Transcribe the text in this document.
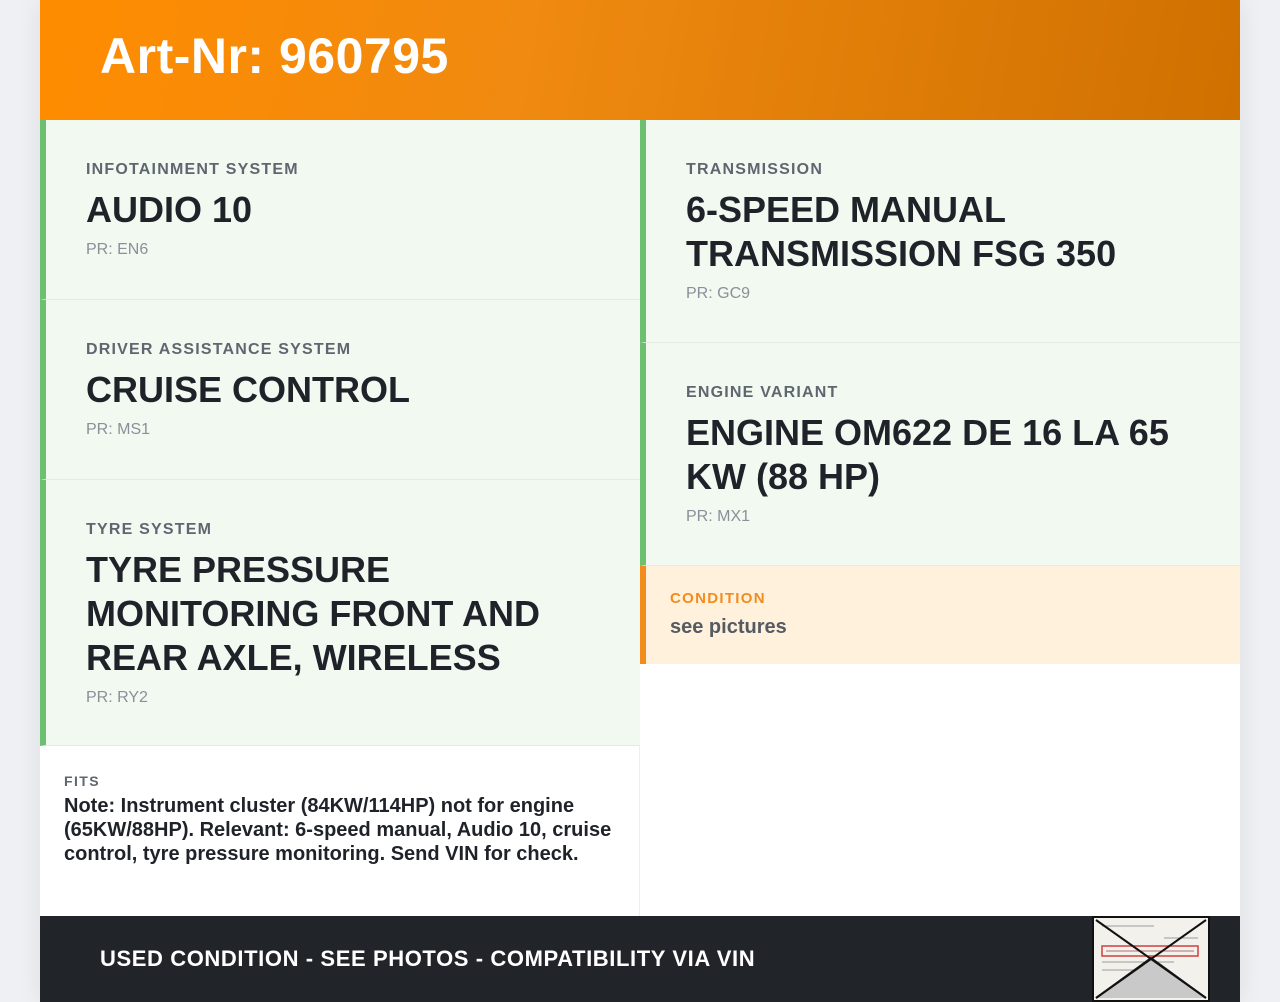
Art-Nr: 960795
INFOTAINMENT SYSTEM
AUDIO 10
PR: EN6
DRIVER ASSISTANCE SYSTEM
CRUISE CONTROL
PR: MS1
TYRE SYSTEM
TYRE PRESSURE MONITORING FRONT AND REAR AXLE, WIRELESS
PR: RY2
TRANSMISSION
6-SPEED MANUAL TRANSMISSION FSG 350
PR: GC9
ENGINE VARIANT
ENGINE OM622 DE 16 LA 65 KW (88 HP)
PR: MX1
CONDITION
see pictures
FITS
Note: Instrument cluster (84KW/114HP) not for engine (65KW/88HP). Relevant: 6-speed manual, Audio 10, cruise control, tyre pressure monitoring. Send VIN for check.
USED CONDITION - SEE PHOTOS - COMPATIBILITY VIA VIN
